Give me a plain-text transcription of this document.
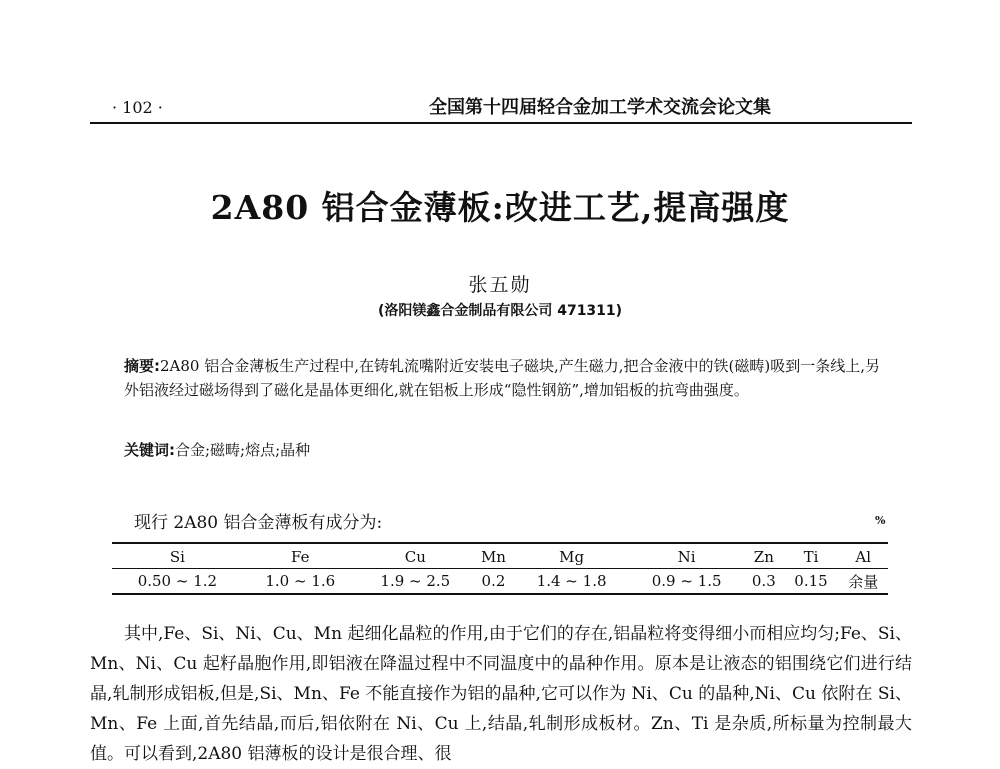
· 102 ·	全国第十四届轻合金加工学术交流会论文集
2A80 铝合金薄板:改进工艺,提高强度
张五勋
(洛阳镁鑫合金制品有限公司 471311)
摘要:2A80 铝合金薄板生产过程中,在铸轧流嘴附近安装电子磁块,产生磁力,把合金液中的铁(磁畴)吸到一条线上,另外铝液经过磁场得到了磁化是晶体更细化,就在铝板上形成“隐性钢筋”,增加铝板的抗弯曲强度。
关键词:合金;磁畴;熔点;晶种
现行 2A80 铝合金薄板有成分为:	%
Si	Fe	Cu	Mn	Mg	Ni	Zn	Ti	Al
0.50 ~ 1.2	1.0 ~ 1.6	1.9 ~ 2.5	0.2	1.4 ~ 1.8	0.9 ~ 1.5	0.3	0.15	余量

其中,Fe、Si、Ni、Cu、Mn 起细化晶粒的作用,由于它们的存在,铝晶粒将变得细小而相应均匀;Fe、Si、Mn、Ni、Cu 起籽晶胞作用,即铝液在降温过程中不同温度中的晶种作用。原本是让液态的铝围绕它们进行结晶,轧制形成铝板,但是,Si、Mn、Fe 不能直接作为铝的晶种,它可以作为 Ni、Cu 的晶种,Ni、Cu 依附在 Si、Mn、Fe 上面,首先结晶,而后,铝依附在 Ni、Cu 上,结晶,轧制形成板材。Zn、Ti 是杂质,所标量为控制最大值。可以看到,2A80 铝薄板的设计是很合理、很
